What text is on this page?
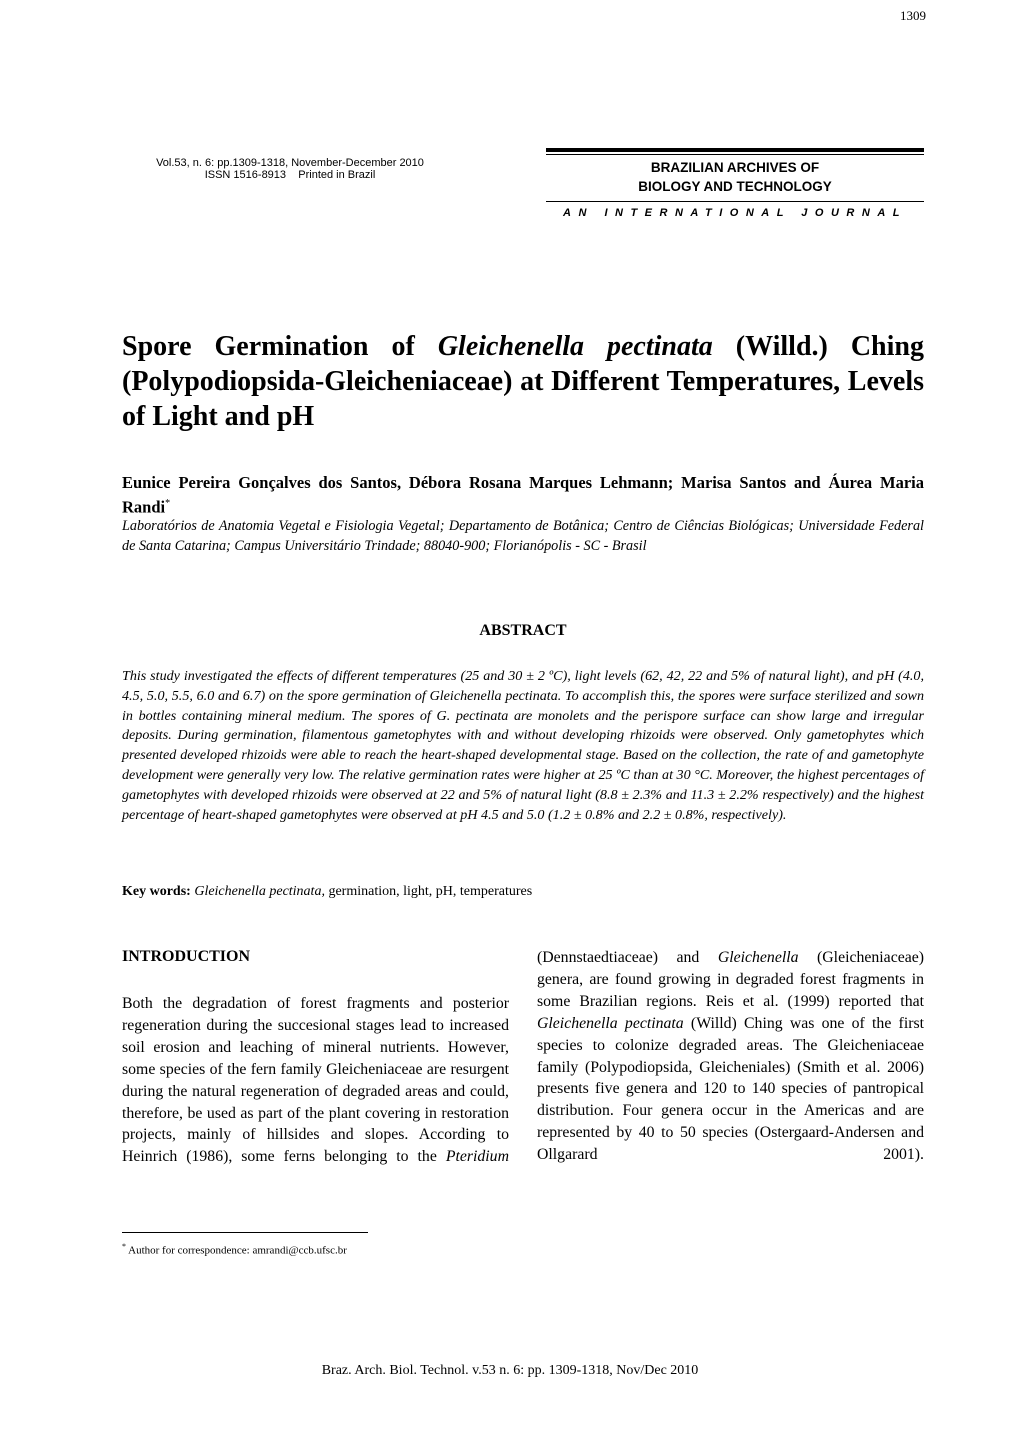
1309
Vol.53, n. 6: pp.1309-1318, November-December 2010
ISSN 1516-8913    Printed in Brazil	BRAZILIAN ARCHIVES OF
BIOLOGY AND TECHNOLOGY
AN INTERNATIONAL JOURNAL
Spore Germination of Gleichenella pectinata (Willd.) Ching (Polypodiopsida-Gleicheniaceae) at Different Temperatures, Levels of Light and pH
Eunice Pereira Gonçalves dos Santos, Débora Rosana Marques Lehmann; Marisa Santos and Áurea Maria Randi*
Laboratórios de Anatomia Vegetal e Fisiologia Vegetal; Departamento de Botânica; Centro de Ciências Biológicas; Universidade Federal de Santa Catarina; Campus Universitário Trindade; 88040-900; Florianópolis - SC - Brasil
ABSTRACT
This study investigated the effects of different temperatures (25 and 30 ± 2 ºC), light levels (62, 42, 22 and 5% of natural light), and pH (4.0, 4.5, 5.0, 5.5, 6.0 and 6.7) on the spore germination of Gleichenella pectinata. To accomplish this, the spores were surface sterilized and sown in bottles containing mineral medium. The spores of G. pectinata are monolets and the perispore surface can show large and irregular deposits. During germination, filamentous gametophytes with and without developing rhizoids were observed. Only gametophytes which presented developed rhizoids were able to reach the heart-shaped developmental stage. Based on the collection, the rate of and gametophyte development were generally very low. The relative germination rates were higher at 25 ºC than at 30 °C. Moreover, the highest percentages of gametophytes with developed rhizoids were observed at 22 and 5% of natural light (8.8 ± 2.3% and 11.3 ± 2.2% respectively) and the highest percentage of heart-shaped gametophytes were observed at pH 4.5 and 5.0 (1.2 ± 0.8% and 2.2 ± 0.8%, respectively).
Key words: Gleichenella pectinata, germination, light, pH, temperatures
INTRODUCTION
Both the degradation of forest fragments and posterior regeneration during the succesional stages lead to increased soil erosion and leaching of mineral nutrients. However, some species of the fern family Gleicheniaceae are resurgent during the natural regeneration of degraded areas and could, therefore, be used as part of the plant covering in restoration projects, mainly of hillsides and slopes. According to Heinrich (1986), some ferns belonging to the Pteridium
(Dennstaedtiaceae) and Gleichenella (Gleicheniaceae) genera, are found growing in degraded forest fragments in some Brazilian regions. Reis et al. (1999) reported that Gleichenella pectinata (Willd) Ching was one of the first species to colonize degraded areas. The Gleicheniaceae family (Polypodiopsida, Gleicheniales) (Smith et al. 2006) presents five genera and 120 to 140 species of pantropical distribution. Four genera occur in the Americas and are represented by 40 to 50 species (Ostergaard-Andersen and Ollgarard 2001).
* Author for correspondence: amrandi@ccb.ufsc.br
Braz. Arch. Biol. Technol. v.53 n. 6: pp. 1309-1318, Nov/Dec 2010
